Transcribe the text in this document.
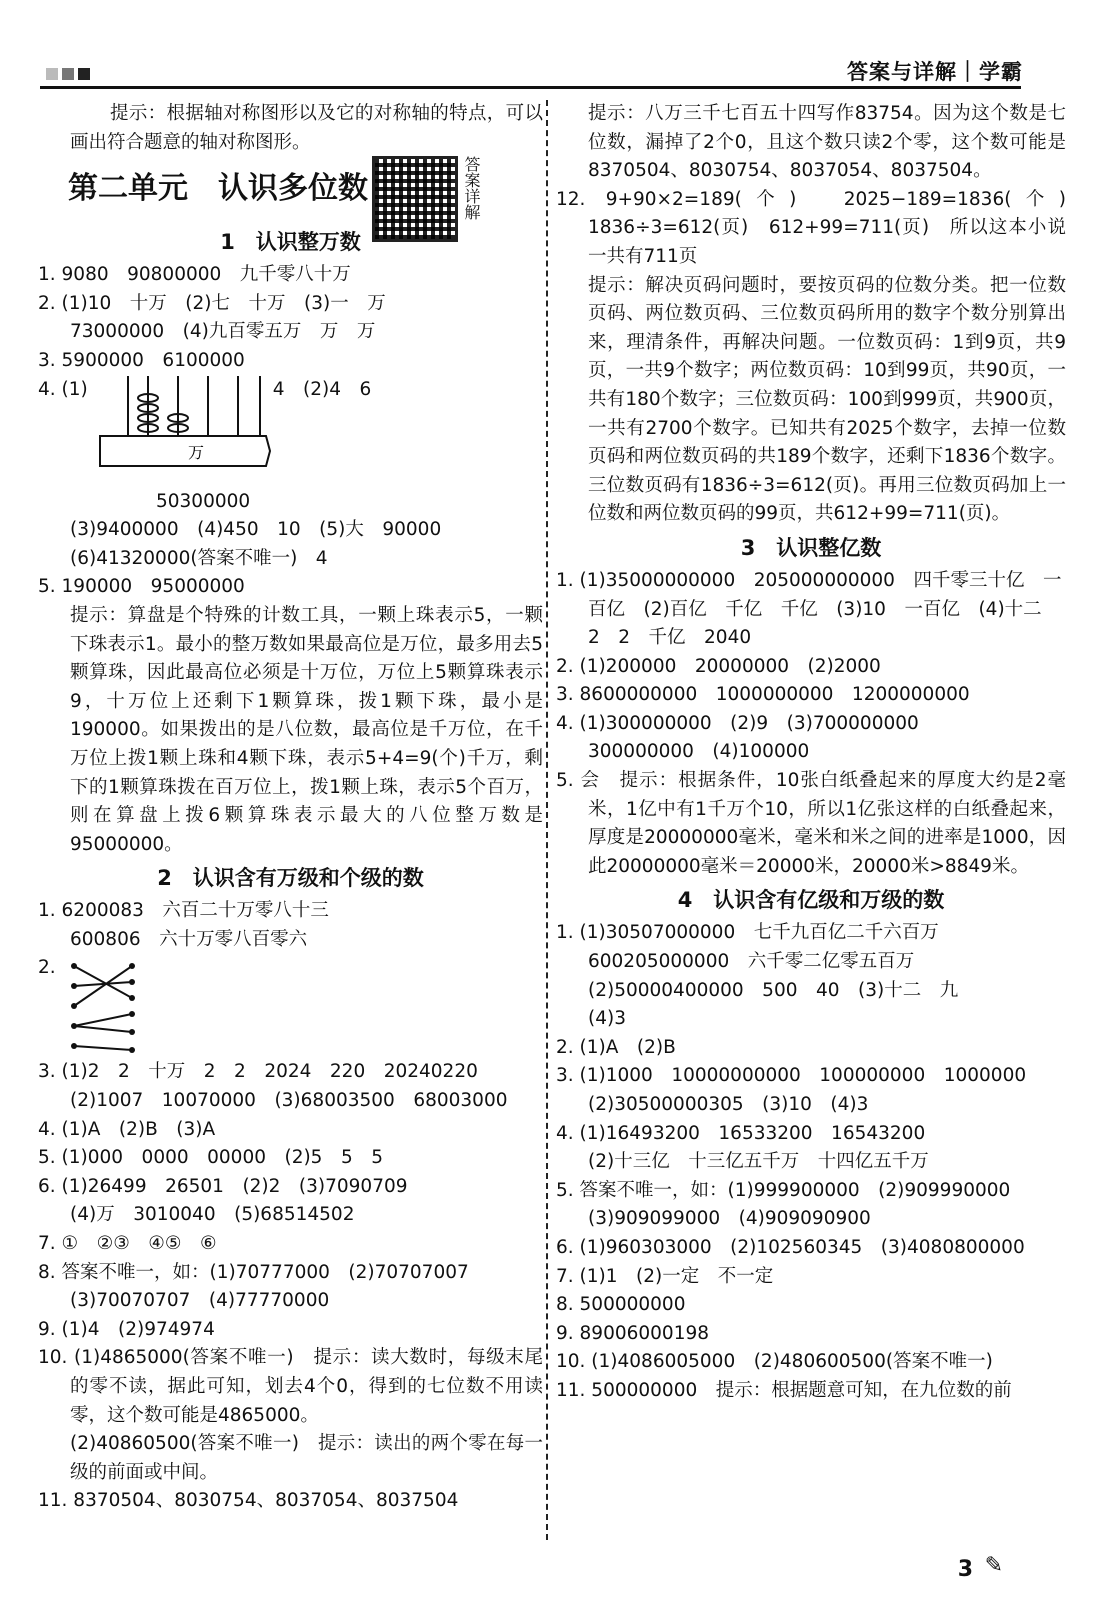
答案与详解｜学霸

提示：根据轴对称图形以及它的对称轴的特点，可以画出符合题意的轴对称图形。

第二单元　认识多位数
1　认识整万数

1. 9080　90800000　九千零八十万

2. (1)10　十万　(2)七　十万　(3)一　万

73000000　(4)九百零五万　万　万

3. 5900000　6100000

4. (1)　　　　　　　　　　4　(2)4　6

万

50300000

(3)9400000　(4)450　10　(5)大　90000

(6)41320000(答案不唯一)　4

5. 190000　95000000

提示：算盘是个特殊的计数工具，一颗上珠表示5，一颗下珠表示1。最小的整万数如果最高位是万位，最多用去5颗算珠，因此最高位必须是十万位，万位上5颗算珠表示9，十万位上还剩下1颗算珠，拨1颗下珠，最小是190000。如果拨出的是八位数，最高位是千万位，在千万位上拨1颗上珠和4颗下珠，表示5+4=9(个)千万，剩下的1颗算珠拨在百万位上，拨1颗上珠，表示5个百万，则在算盘上拨6颗算珠表示最大的八位整万数是95000000。

2　认识含有万级和个级的数

1. 6200083　六百二十万零八十三

600806　六十万零八百零六

2.

3. (1)2　2　十万　2　2　2024　220　20240220

(2)1007　10070000　(3)68003500　68003000

4. (1)A　(2)B　(3)A

5. (1)000　0000　00000　(2)5　5　5

6. (1)26499　26501　(2)2　(3)7090709

(4)万　3010040　(5)68514502

7. ①　②③　④⑤　⑥

8. 答案不唯一，如：(1)70777000　(2)70707007

(3)70070707　(4)77770000

9. (1)4　(2)974974

10. (1)4865000(答案不唯一)　提示：读大数时，每级末尾的零不读，据此可知，划去4个0，得到的七位数不用读零，这个数可能是4865000。

(2)40860500(答案不唯一)　提示：读出的两个零在每一级的前面或中间。

11. 8370504、8030754、8037054、8037504

答案详解

提示：八万三千七百五十四写作83754。因为这个数是七位数，漏掉了2个0，且这个数只读2个零，这个数可能是8370504、8030754、8037054、8037504。

12. 9+90×2=189(个)　2025−189=1836(个)　1836÷3=612(页)　612+99=711(页)　所以这本小说一共有711页

提示：解决页码问题时，要按页码的位数分类。把一位数页码、两位数页码、三位数页码所用的数字个数分别算出来，理清条件，再解决问题。一位数页码：1到9页，共9页，一共9个数字；两位数页码：10到99页，共90页，一共有180个数字；三位数页码：100到999页，共900页，一共有2700个数字。已知共有2025个数字，去掉一位数页码和两位数页码的共189个数字，还剩下1836个数字。三位数页码有1836÷3=612(页)。再用三位数页码加上一位数和两位数页码的99页，共612+99=711(页)。

3　认识整亿数

1. (1)35000000000　205000000000　四千零三十亿　一百亿　(2)百亿　千亿　千亿　(3)10　一百亿　(4)十二　2　2　千亿　2040

2. (1)200000　20000000　(2)2000

3. 8600000000　1000000000　1200000000

4. (1)300000000　(2)9　(3)700000000

300000000　(4)100000

5. 会　提示：根据条件，10张白纸叠起来的厚度大约是2毫米，1亿中有1千万个10，所以1亿张这样的白纸叠起来，厚度是20000000毫米，毫米和米之间的进率是1000，因此20000000毫米＝20000米，20000米>8849米。

4　认识含有亿级和万级的数

1. (1)30507000000　七千九百亿二千六百万

600205000000　六千零二亿零五百万

(2)50000400000　500　40　(3)十二　九

(4)3

2. (1)A　(2)B

3. (1)1000　10000000000　100000000　1000000

(2)30500000305　(3)10　(4)3

4. (1)16493200　16533200　16543200

(2)十三亿　十三亿五千万　十四亿五千万

5. 答案不唯一，如：(1)999900000　(2)909990000

(3)909099000　(4)909090900

6. (1)960303000　(2)102560345　(3)4080800000

7. (1)1　(2)一定　不一定

8. 500000000

9. 89006000198

10. (1)4086005000　(2)480600500(答案不唯一)

11. 500000000　提示：根据题意可知，在九位数的前

3 ✎
